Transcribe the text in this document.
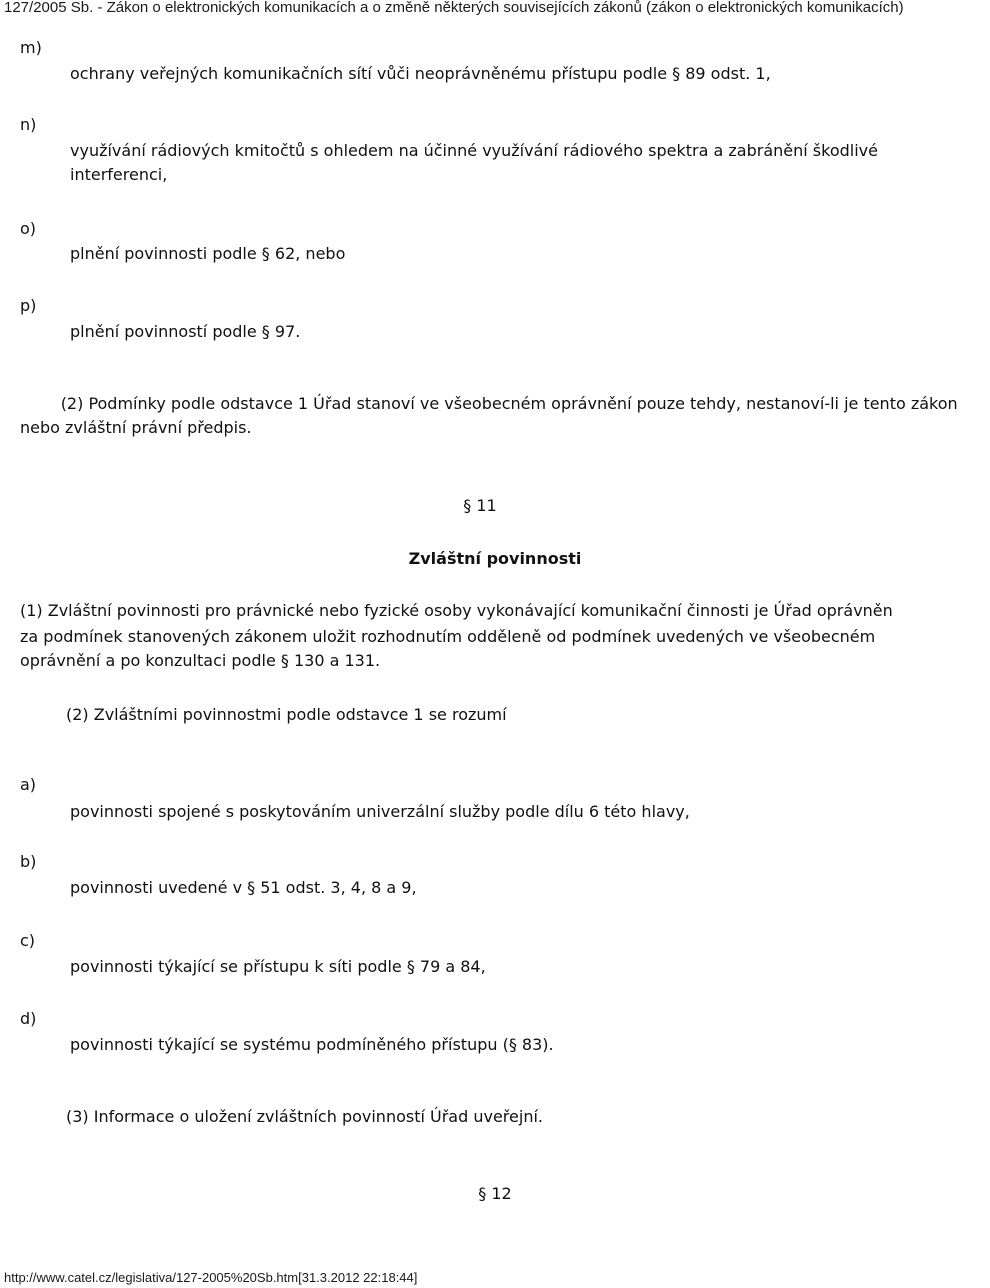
127/2005 Sb. - Zákon o elektronických komunikacích a o změně některých souvisejících zákonů (zákon o elektronických komunikacích)
m)
ochrany veřejných komunikačních sítí vůči neoprávněnému přístupu podle § 89 odst. 1,
n)
využívání rádiových kmitočtů s ohledem na účinné využívání rádiového spektra a zabránění škodlivé interferenci,
o)
plnění povinnosti podle § 62, nebo
p)
plnění povinností podle § 97.
(2) Podmínky podle odstavce 1 Úřad stanoví ve všeobecném oprávnění pouze tehdy, nestanoví-li je tento zákon nebo zvláštní právní předpis.
§ 11
Zvláštní povinnosti
(1) Zvláštní povinnosti pro právnické nebo fyzické osoby vykonávající komunikační činnosti je Úřad oprávněn
za podmínek stanovených zákonem uložit rozhodnutím odděleně od podmínek uvedených ve všeobecném oprávnění a po konzultaci podle § 130 a 131.
(2) Zvláštními povinnostmi podle odstavce 1 se rozumí
a)
povinnosti spojené s poskytováním univerzální služby podle dílu 6 této hlavy,
b)
povinnosti uvedené v § 51 odst. 3, 4, 8 a 9,
c)
povinnosti týkající se přístupu k síti podle § 79 a 84,
d)
povinnosti týkající se systému podmíněného přístupu (§ 83).
(3) Informace o uložení zvláštních povinností Úřad uveřejní.
§ 12
http://www.catel.cz/legislativa/127-2005%20Sb.htm[31.3.2012 22:18:44]
